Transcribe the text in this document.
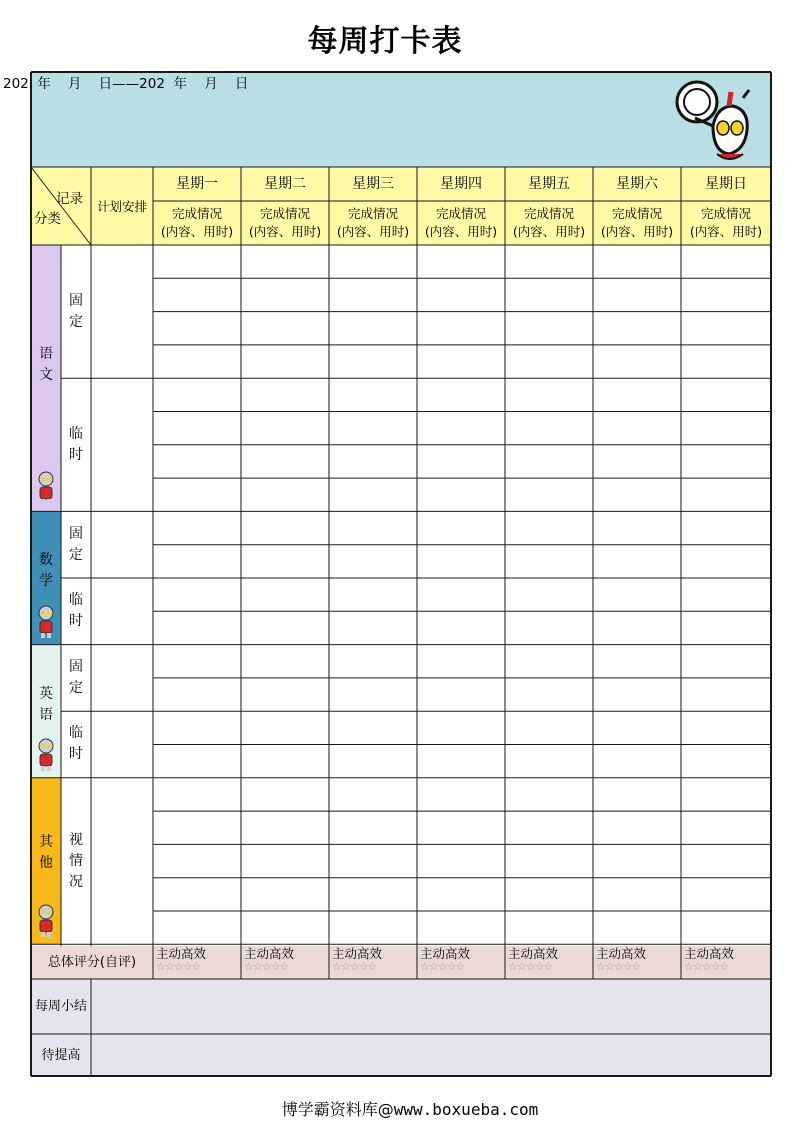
每周打卡表
202  年    月    日——202  年    月    日
记录
分类
计划安排
星期一
完成情况
(内容、用时)
星期二
完成情况
(内容、用时)
星期三
完成情况
(内容、用时)
星期四
完成情况
(内容、用时)
星期五
完成情况
(内容、用时)
星期六
完成情况
(内容、用时)
星期日
完成情况
(内容、用时)
语
文
固
定
临
时
数
学
固
定
临
时
英
语
固
定
临
时
其
他
视
情
况
总体评分(自评)
主动高效
☆☆☆☆☆
主动高效
☆☆☆☆☆
主动高效
☆☆☆☆☆
主动高效
☆☆☆☆☆
主动高效
☆☆☆☆☆
主动高效
☆☆☆☆☆
主动高效
☆☆☆☆☆
每周小结
待提高
博学霸资料库@www.boxueba.com
